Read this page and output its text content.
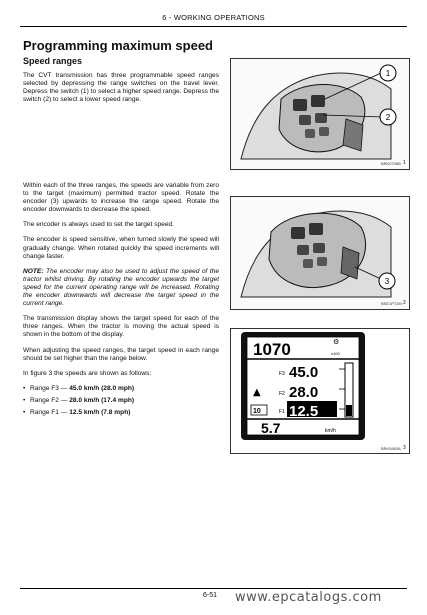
6 - WORKING OPERATIONS
Programming maximum speed
Speed ranges

The CVT transmission has three programmable speed ranges selected by depressing the range switches on the travel lever. Depress the switch (1) to select a higher speed range. Depress the switch (2) to select a lower speed range.

Within each of the three ranges, the speeds are variable from zero to the target (maximum) permitted tractor speed. Rotate the encoder (3) upwards to increase the range speed. Rotate the encoder downwards to decrease the speed.

The encoder is always used to set the target speed.

The encoder is speed sensitive, when turned slowly the speed will gradually change. When rotated quickly the speed increments will change faster.

NOTE: The encoder may also be used to adjust the speed of the tractor whilst driving. By rotating the encoder upwards the target speed for the current operating range will be increased. Rotating the encoder downwards will decrease the target speed in the current range.

The transmission display shows the target speed for each of the three ranges. When the tractor is moving the actual speed is shown in the bottom of the display.

When adjusting the speed ranges, the target speed in each range should be set higher than the range below.

In figure 3 the speeds are shown as follows:

• Range F3 — 45.0 km/h (28.0 mph)
• Range F2 — 28.0 km/h (17.4 mph)
• Range F1 — 12.5 km/h (7.8 mph)
1
2
BRK0706B 1
3
BSE1P72M 2
1070	⚙
x100
▲
F3 45.0
F2 28.0
10	F1 12.5
5.7	km/h
BRK5963A 3
6-51 www.epcatalogs.com
